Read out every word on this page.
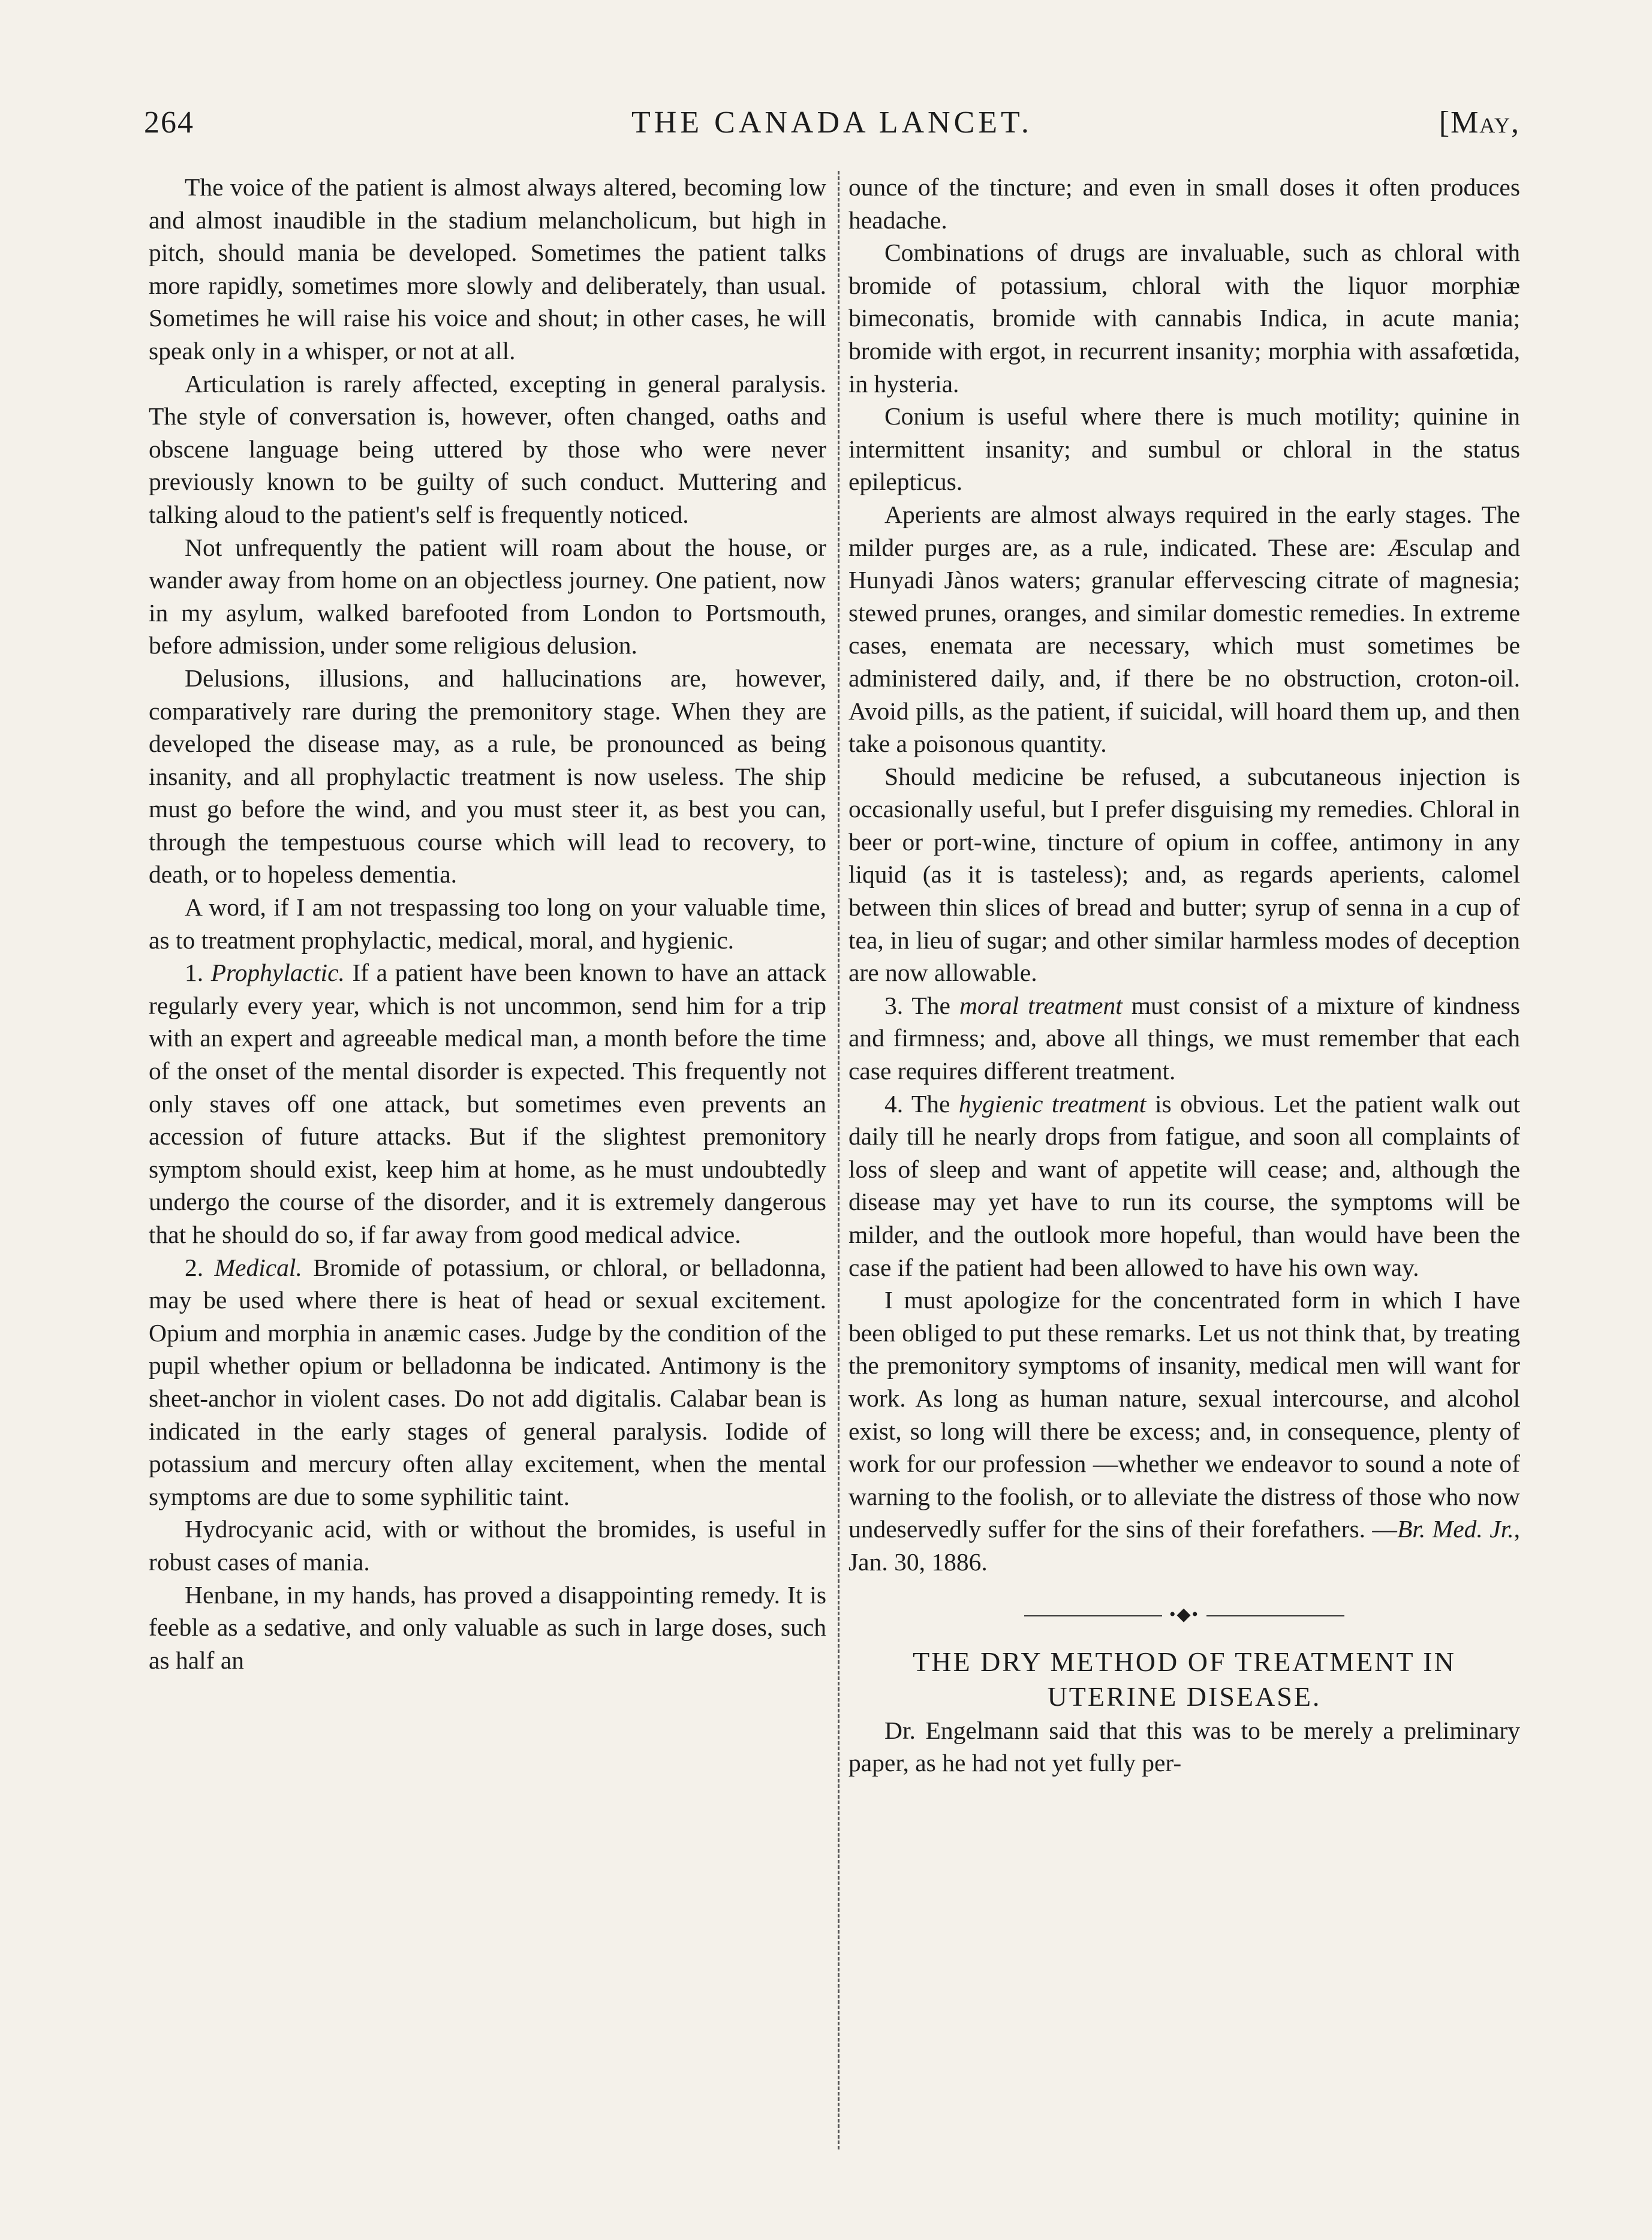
264	THE CANADA LANCET.	[May,

The voice of the patient is almost always altered, becoming low and almost inaudible in the stadium melancholicum, but high in pitch, should mania be developed. Sometimes the patient talks more rapidly, sometimes more slowly and deliberately, than usual. Sometimes he will raise his voice and shout; in other cases, he will speak only in a whisper, or not at all.

Articulation is rarely affected, excepting in general paralysis. The style of conversation is, however, often changed, oaths and obscene language being uttered by those who were never previously known to be guilty of such conduct. Muttering and talking aloud to the patient's self is frequently noticed.

Not unfrequently the patient will roam about the house, or wander away from home on an objectless journey. One patient, now in my asylum, walked barefooted from London to Portsmouth, before admission, under some religious delusion.

Delusions, illusions, and hallucinations are, however, comparatively rare during the premonitory stage. When they are developed the disease may, as a rule, be pronounced as being insanity, and all prophylactic treatment is now useless. The ship must go before the wind, and you must steer it, as best you can, through the tempestuous course which will lead to recovery, to death, or to hopeless dementia.

A word, if I am not trespassing too long on your valuable time, as to treatment prophylactic, medical, moral, and hygienic.

1. Prophylactic. If a patient have been known to have an attack regularly every year, which is not uncommon, send him for a trip with an expert and agreeable medical man, a month before the time of the onset of the mental disorder is expected. This frequently not only staves off one attack, but sometimes even prevents an accession of future attacks. But if the slightest premonitory symptom should exist, keep him at home, as he must undoubtedly undergo the course of the disorder, and it is extremely dangerous that he should do so, if far away from good medical advice.

2. Medical. Bromide of potassium, or chloral, or belladonna, may be used where there is heat of head or sexual excitement. Opium and morphia in anæmic cases. Judge by the condition of the pupil whether opium or belladonna be indicated. Antimony is the sheet-anchor in violent cases. Do not add digitalis. Calabar bean is indicated in the early stages of general paralysis. Iodide of potassium and mercury often allay excitement, when the mental symptoms are due to some syphilitic taint.

Hydrocyanic acid, with or without the bromides, is useful in robust cases of mania.

Henbane, in my hands, has proved a disappointing remedy. It is feeble as a sedative, and only valuable as such in large doses, such as half an

ounce of the tincture; and even in small doses it often produces headache.

Combinations of drugs are invaluable, such as chloral with bromide of potassium, chloral with the liquor morphiæ bimeconatis, bromide with cannabis Indica, in acute mania; bromide with ergot, in recurrent insanity; morphia with assafœtida, in hysteria.

Conium is useful where there is much motility; quinine in intermittent insanity; and sumbul or chloral in the status epilepticus.

Aperients are almost always required in the early stages. The milder purges are, as a rule, indicated. These are: Æsculap and Hunyadi Jànos waters; granular effervescing citrate of magnesia; stewed prunes, oranges, and similar domestic remedies. In extreme cases, enemata are necessary, which must sometimes be administered daily, and, if there be no obstruction, croton-oil. Avoid pills, as the patient, if suicidal, will hoard them up, and then take a poisonous quantity.

Should medicine be refused, a subcutaneous injection is occasionally useful, but I prefer disguising my remedies. Chloral in beer or port-wine, tincture of opium in coffee, antimony in any liquid (as it is tasteless); and, as regards aperients, calomel between thin slices of bread and butter; syrup of senna in a cup of tea, in lieu of sugar; and other similar harmless modes of deception are now allowable.

3. The moral treatment must consist of a mixture of kindness and firmness; and, above all things, we must remember that each case requires different treatment.

4. The hygienic treatment is obvious. Let the patient walk out daily till he nearly drops from fatigue, and soon all complaints of loss of sleep and want of appetite will cease; and, although the disease may yet have to run its course, the symptoms will be milder, and the outlook more hopeful, than would have been the case if the patient had been allowed to have his own way.

I must apologize for the concentrated form in which I have been obliged to put these remarks. Let us not think that, by treating the premonitory symptoms of insanity, medical men will want for work. As long as human nature, sexual intercourse, and alcohol exist, so long will there be excess; and, in consequence, plenty of work for our profession —whether we endeavor to sound a note of warning to the foolish, or to alleviate the distress of those who now undeservedly suffer for the sins of their forefathers. —Br. Med. Jr., Jan. 30, 1886.

•◆•

THE DRY METHOD OF TREATMENT IN UTERINE DISEASE.

Dr. Engelmann said that this was to be merely a preliminary paper, as he had not yet fully per-
